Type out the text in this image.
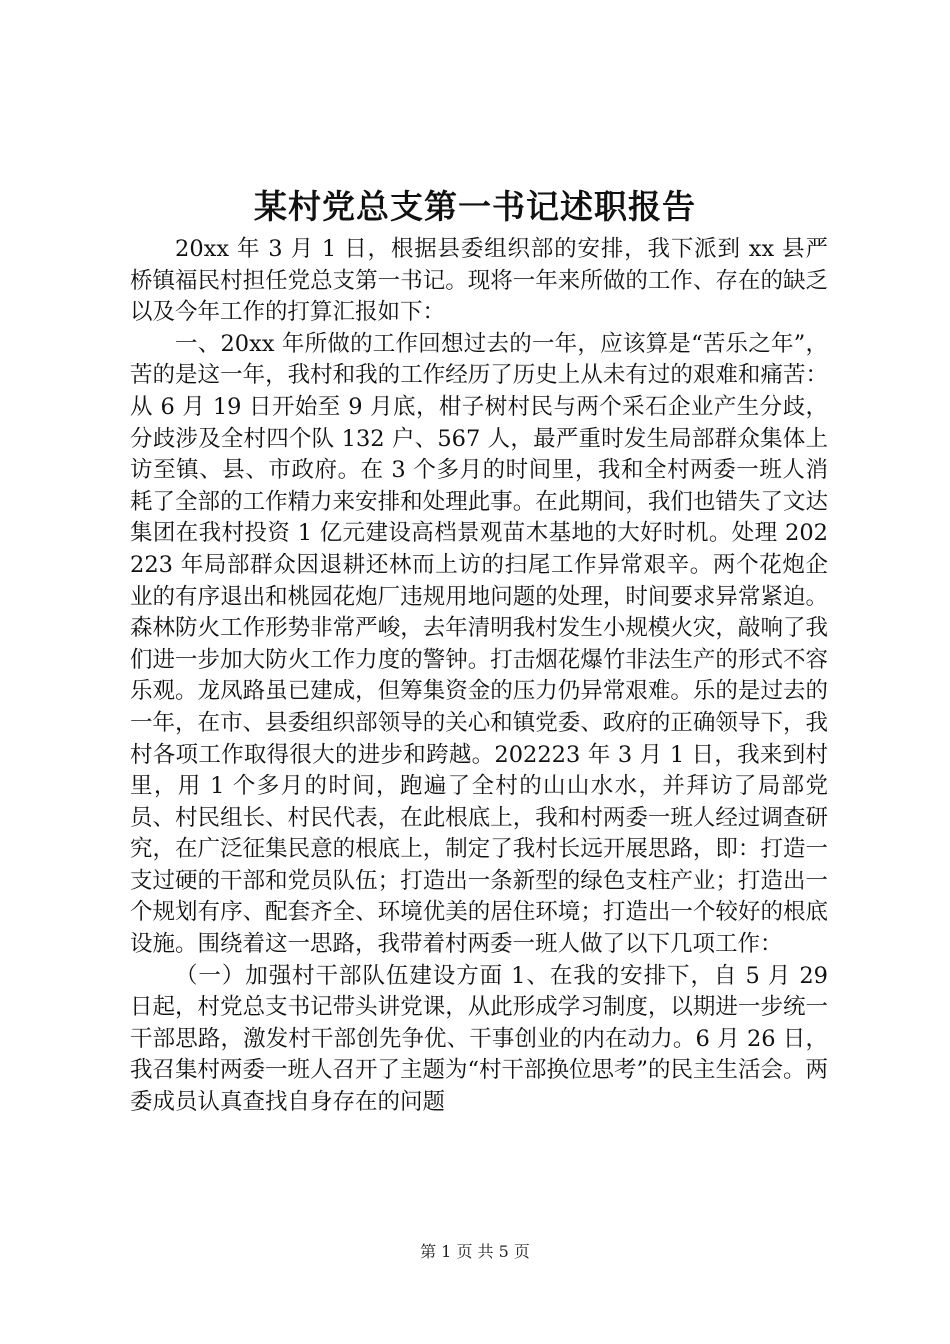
某村党总支第一书记述职报告

20xx 年 3 月 1 日，根据县委组织部的安排，我下派到 xx 县严桥镇福民村担任党总支第一书记。现将一年来所做的工作、存在的缺乏以及今年工作的打算汇报如下：

一、20xx 年所做的工作回想过去的一年，应该算是“苦乐之年”，苦的是这一年，我村和我的工作经历了历史上从未有过的艰难和痛苦：从 6 月 19 日开始至 9 月底，柑子树村民与两个采石企业产生分歧，分歧涉及全村四个队 132 户、567 人，最严重时发生局部群众集体上访至镇、县、市政府。在 3 个多月的时间里，我和全村两委一班人消耗了全部的工作精力来安排和处理此事。在此期间，我们也错失了文达集团在我村投资 1 亿元建设高档景观苗木基地的大好时机。处理 202223 年局部群众因退耕还林而上访的扫尾工作异常艰辛。两个花炮企业的有序退出和桃园花炮厂违规用地问题的处理，时间要求异常紧迫。森林防火工作形势非常严峻，去年清明我村发生小规模火灾，敲响了我们进一步加大防火工作力度的警钟。打击烟花爆竹非法生产的形式不容乐观。龙凤路虽已建成，但筹集资金的压力仍异常艰难。乐的是过去的一年，在市、县委组织部领导的关心和镇党委、政府的正确领导下，我村各项工作取得很大的进步和跨越。202223 年 3 月 1 日，我来到村里，用 1 个多月的时间，跑遍了全村的山山水水，并拜访了局部党员、村民组长、村民代表，在此根底上，我和村两委一班人经过调查研究，在广泛征集民意的根底上，制定了我村长远开展思路，即：打造一支过硬的干部和党员队伍；打造出一条新型的绿色支柱产业；打造出一个规划有序、配套齐全、环境优美的居住环境；打造出一个较好的根底设施。围绕着这一思路，我带着村两委一班人做了以下几项工作：

（一）加强村干部队伍建设方面 1、在我的安排下，自 5 月 29 日起，村党总支书记带头讲党课，从此形成学习制度，以期进一步统一干部思路，激发村干部创先争优、干事创业的内在动力。6 月 26 日，我召集村两委一班人召开了主题为“村干部换位思考”的民主生活会。两委成员认真查找自身存在的问题

第 1 页 共 5 页
